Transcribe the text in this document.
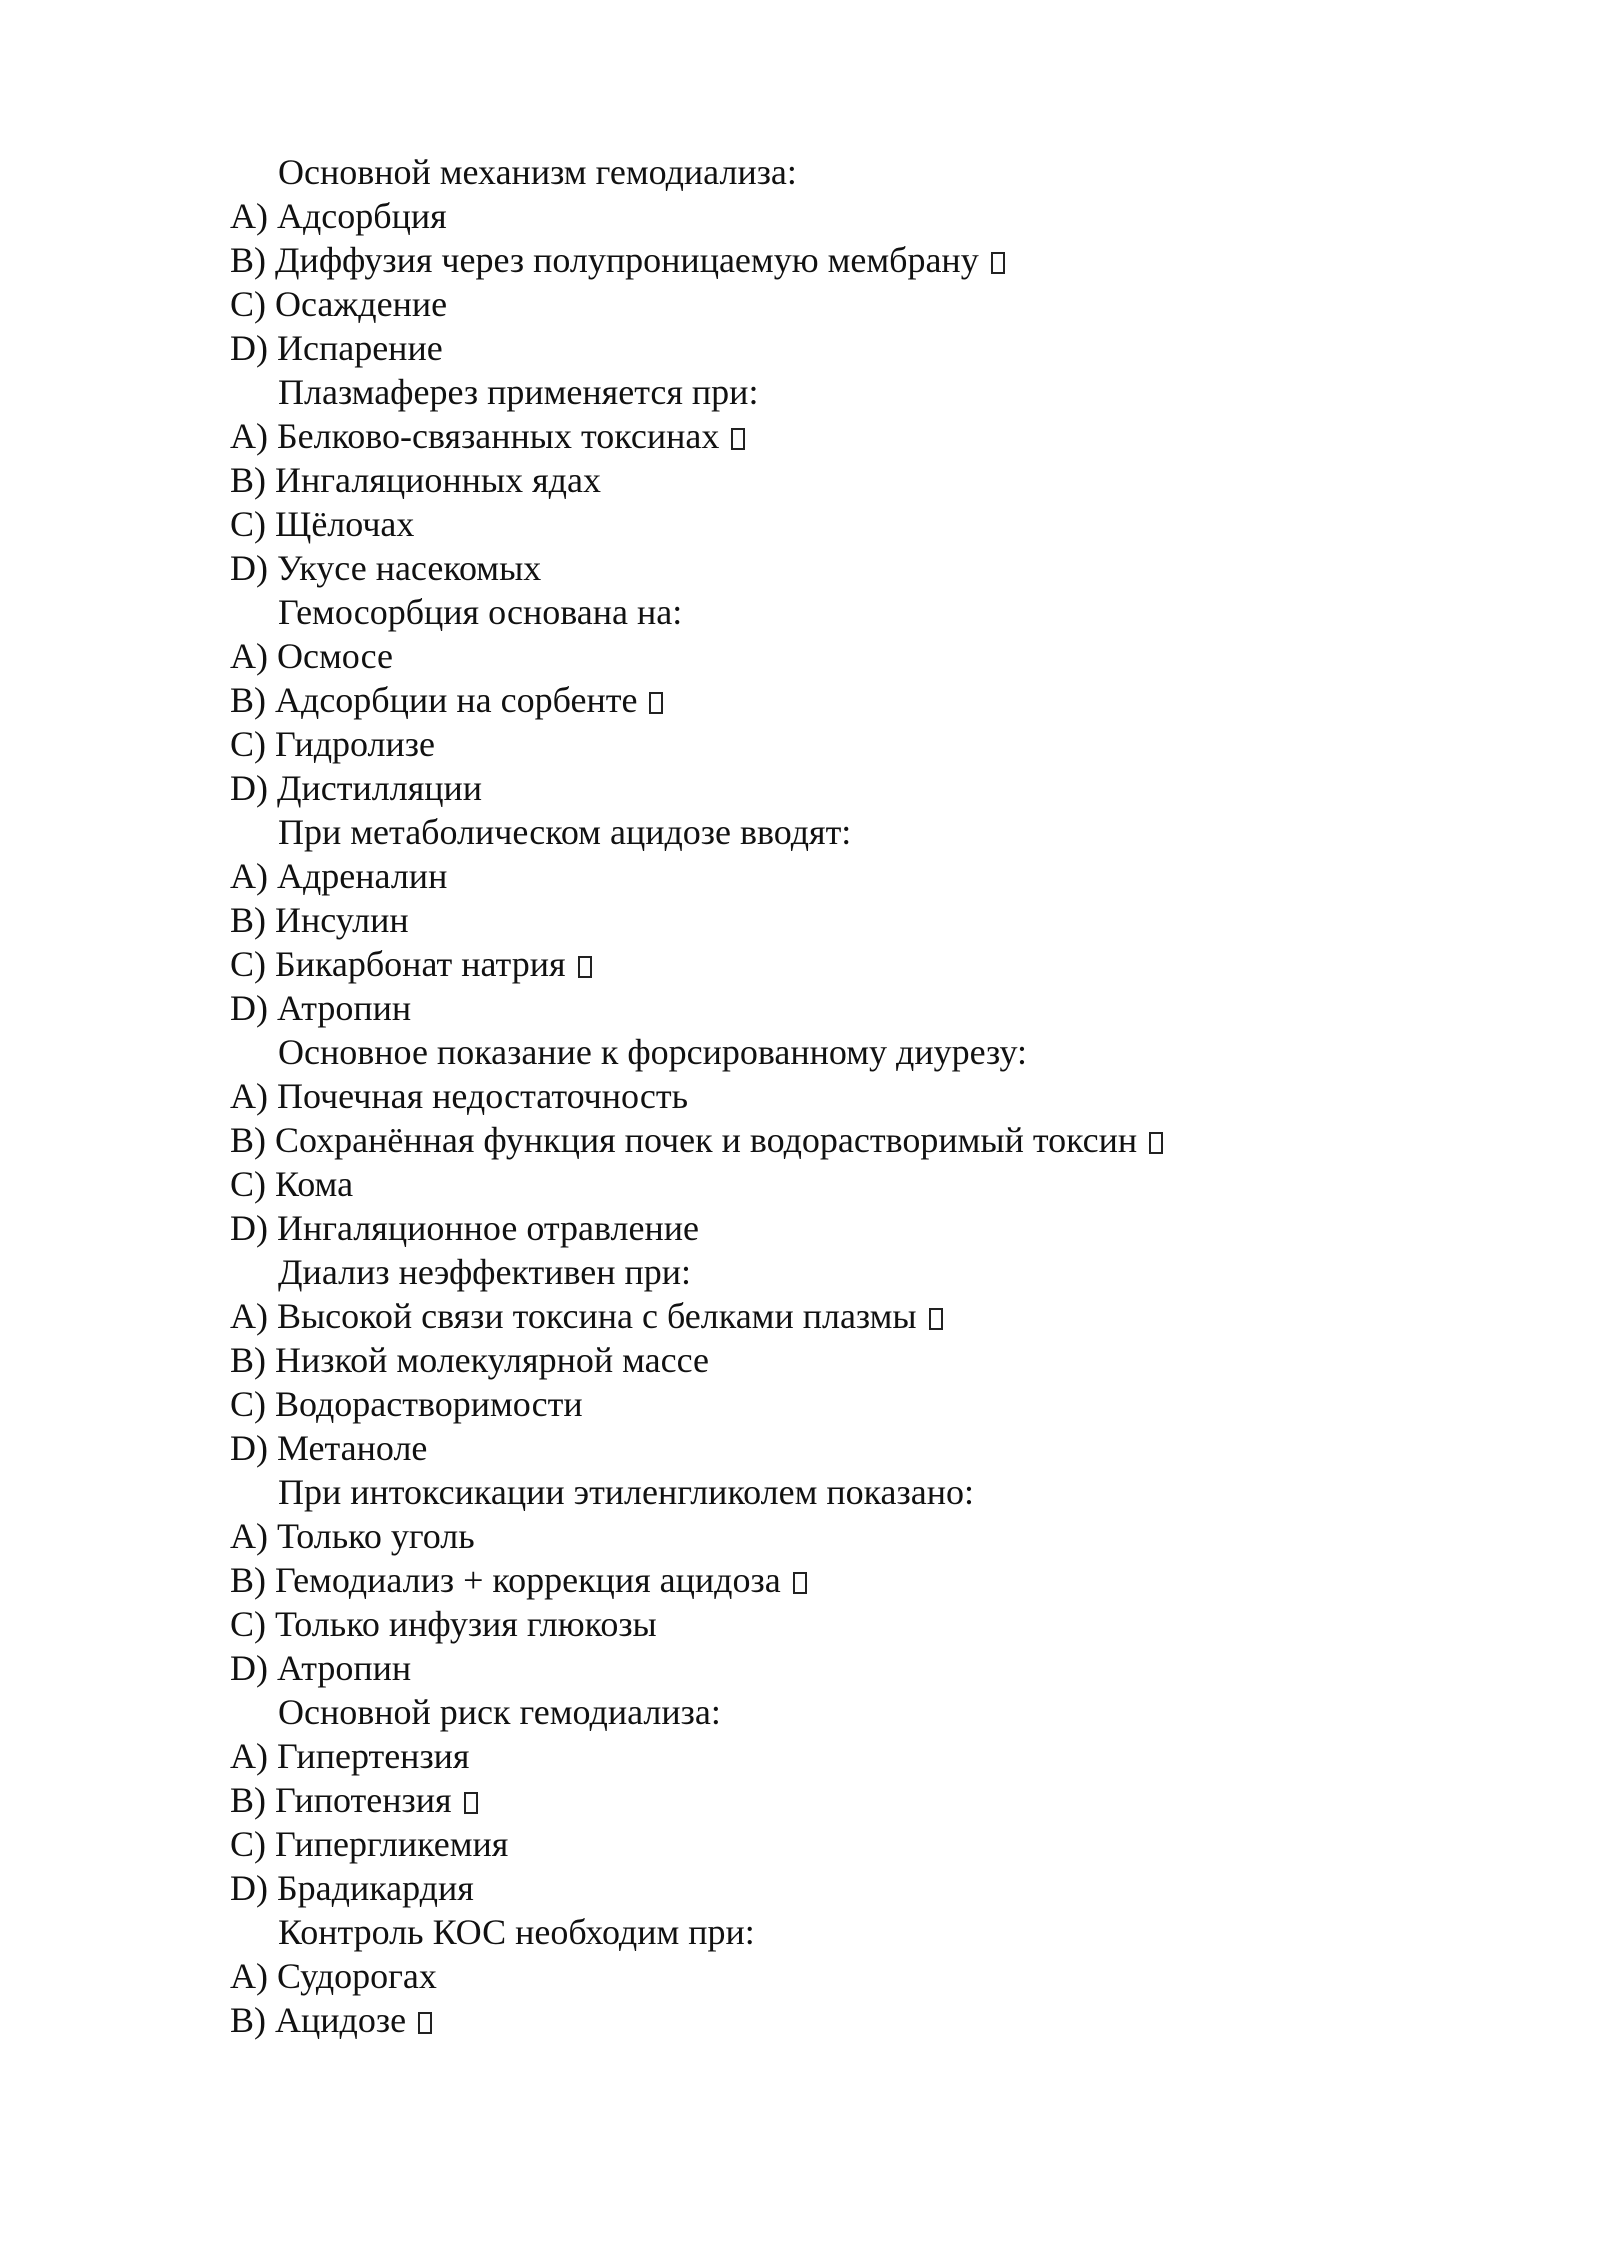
Основной механизм гемодиализа:
A) Адсорбция
B) Диффузия через полупроницаемую мембрану
C) Осаждение
D) Испарение
Плазмаферез применяется при:
A) Белково-связанных токсинах
B) Ингаляционных ядах
C) Щёлочах
D) Укусе насекомых
Гемосорбция основана на:
A) Осмосе
B) Адсорбции на сорбенте
C) Гидролизе
D) Дистилляции
При метаболическом ацидозе вводят:
A) Адреналин
B) Инсулин
C) Бикарбонат натрия
D) Атропин
Основное показание к форсированному диурезу:
A) Почечная недостаточность
B) Сохранённая функция почек и водорастворимый токсин
C) Кома
D) Ингаляционное отравление
Диализ неэффективен при:
A) Высокой связи токсина с белками плазмы
B) Низкой молекулярной массе
C) Водорастворимости
D) Метаноле
При интоксикации этиленгликолем показано:
A) Только уголь
B) Гемодиализ + коррекция ацидоза
C) Только инфузия глюкозы
D) Атропин
Основной риск гемодиализа:
A) Гипертензия
B) Гипотензия
C) Гипергликемия
D) Брадикардия
Контроль КОС необходим при:
A) Судорогах
B) Ацидозе
